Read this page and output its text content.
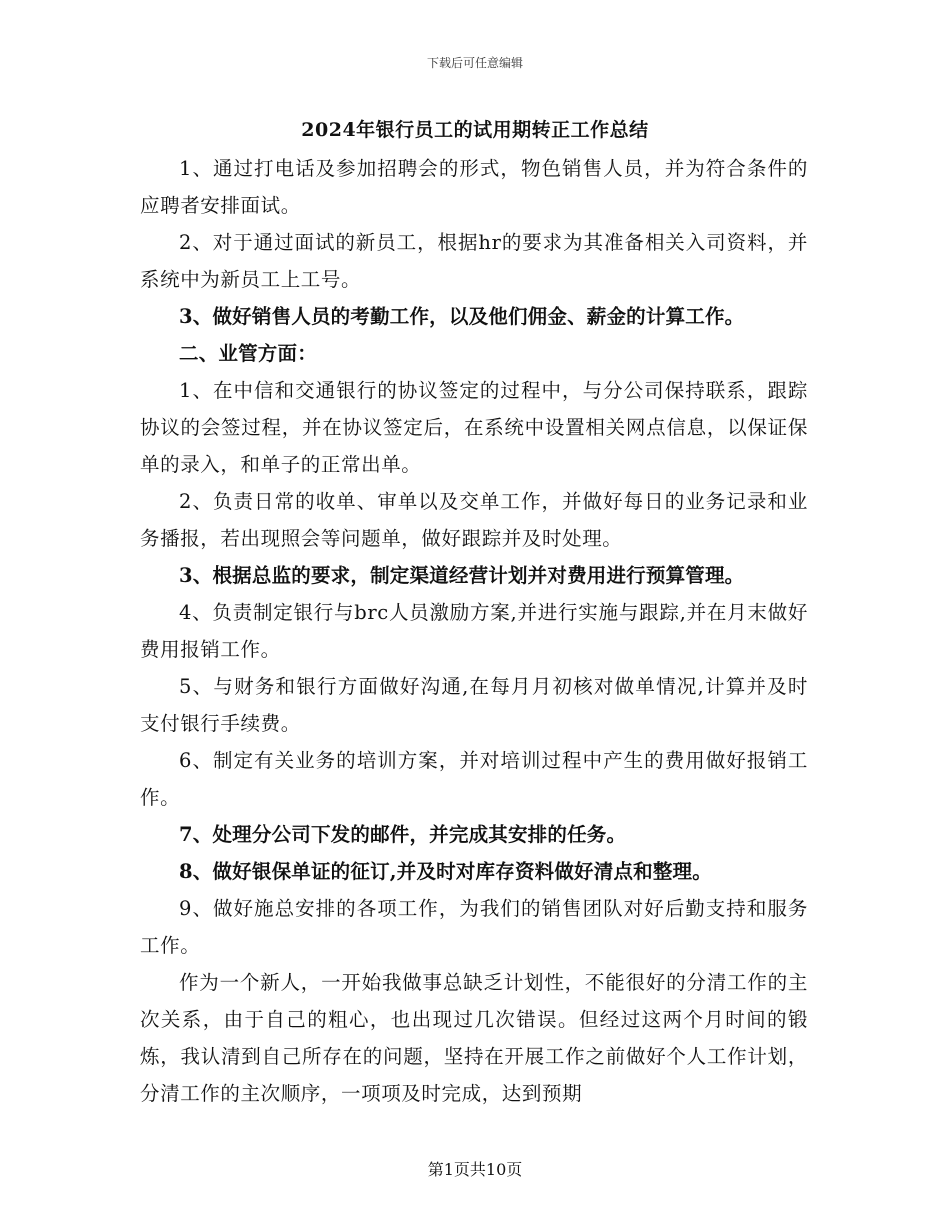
下载后可任意编辑
2024年银行员工的试用期转正工作总结

1、通过打电话及参加招聘会的形式，物色销售人员，并为符合条件的应聘者安排面试。

2、对于通过面试的新员工，根据hr的要求为其准备相关入司资料，并系统中为新员工上工号。

3、做好销售人员的考勤工作，以及他们佣金、薪金的计算工作。

二、业管方面：

1、在中信和交通银行的协议签定的过程中，与分公司保持联系，跟踪协议的会签过程，并在协议签定后，在系统中设置相关网点信息，以保证保单的录入，和单子的正常出单。

2、负责日常的收单、审单以及交单工作，并做好每日的业务记录和业务播报，若出现照会等问题单，做好跟踪并及时处理。

3、根据总监的要求，制定渠道经营计划并对费用进行预算管理。

4、负责制定银行与brc人员激励方案,并进行实施与跟踪,并在月末做好费用报销工作。

5、与财务和银行方面做好沟通,在每月月初核对做单情况,计算并及时支付银行手续费。

6、制定有关业务的培训方案，并对培训过程中产生的费用做好报销工作。

7、处理分公司下发的邮件，并完成其安排的任务。

8、做好银保单证的征订,并及时对库存资料做好清点和整理。

9、做好施总安排的各项工作，为我们的销售团队对好后勤支持和服务工作。

作为一个新人，一开始我做事总缺乏计划性，不能很好的分清工作的主次关系，由于自己的粗心，也出现过几次错误。但经过这两个月时间的锻炼，我认清到自己所存在的问题，坚持在开展工作之前做好个人工作计划，分清工作的主次顺序，一项项及时完成，达到预期

第1页共10页
